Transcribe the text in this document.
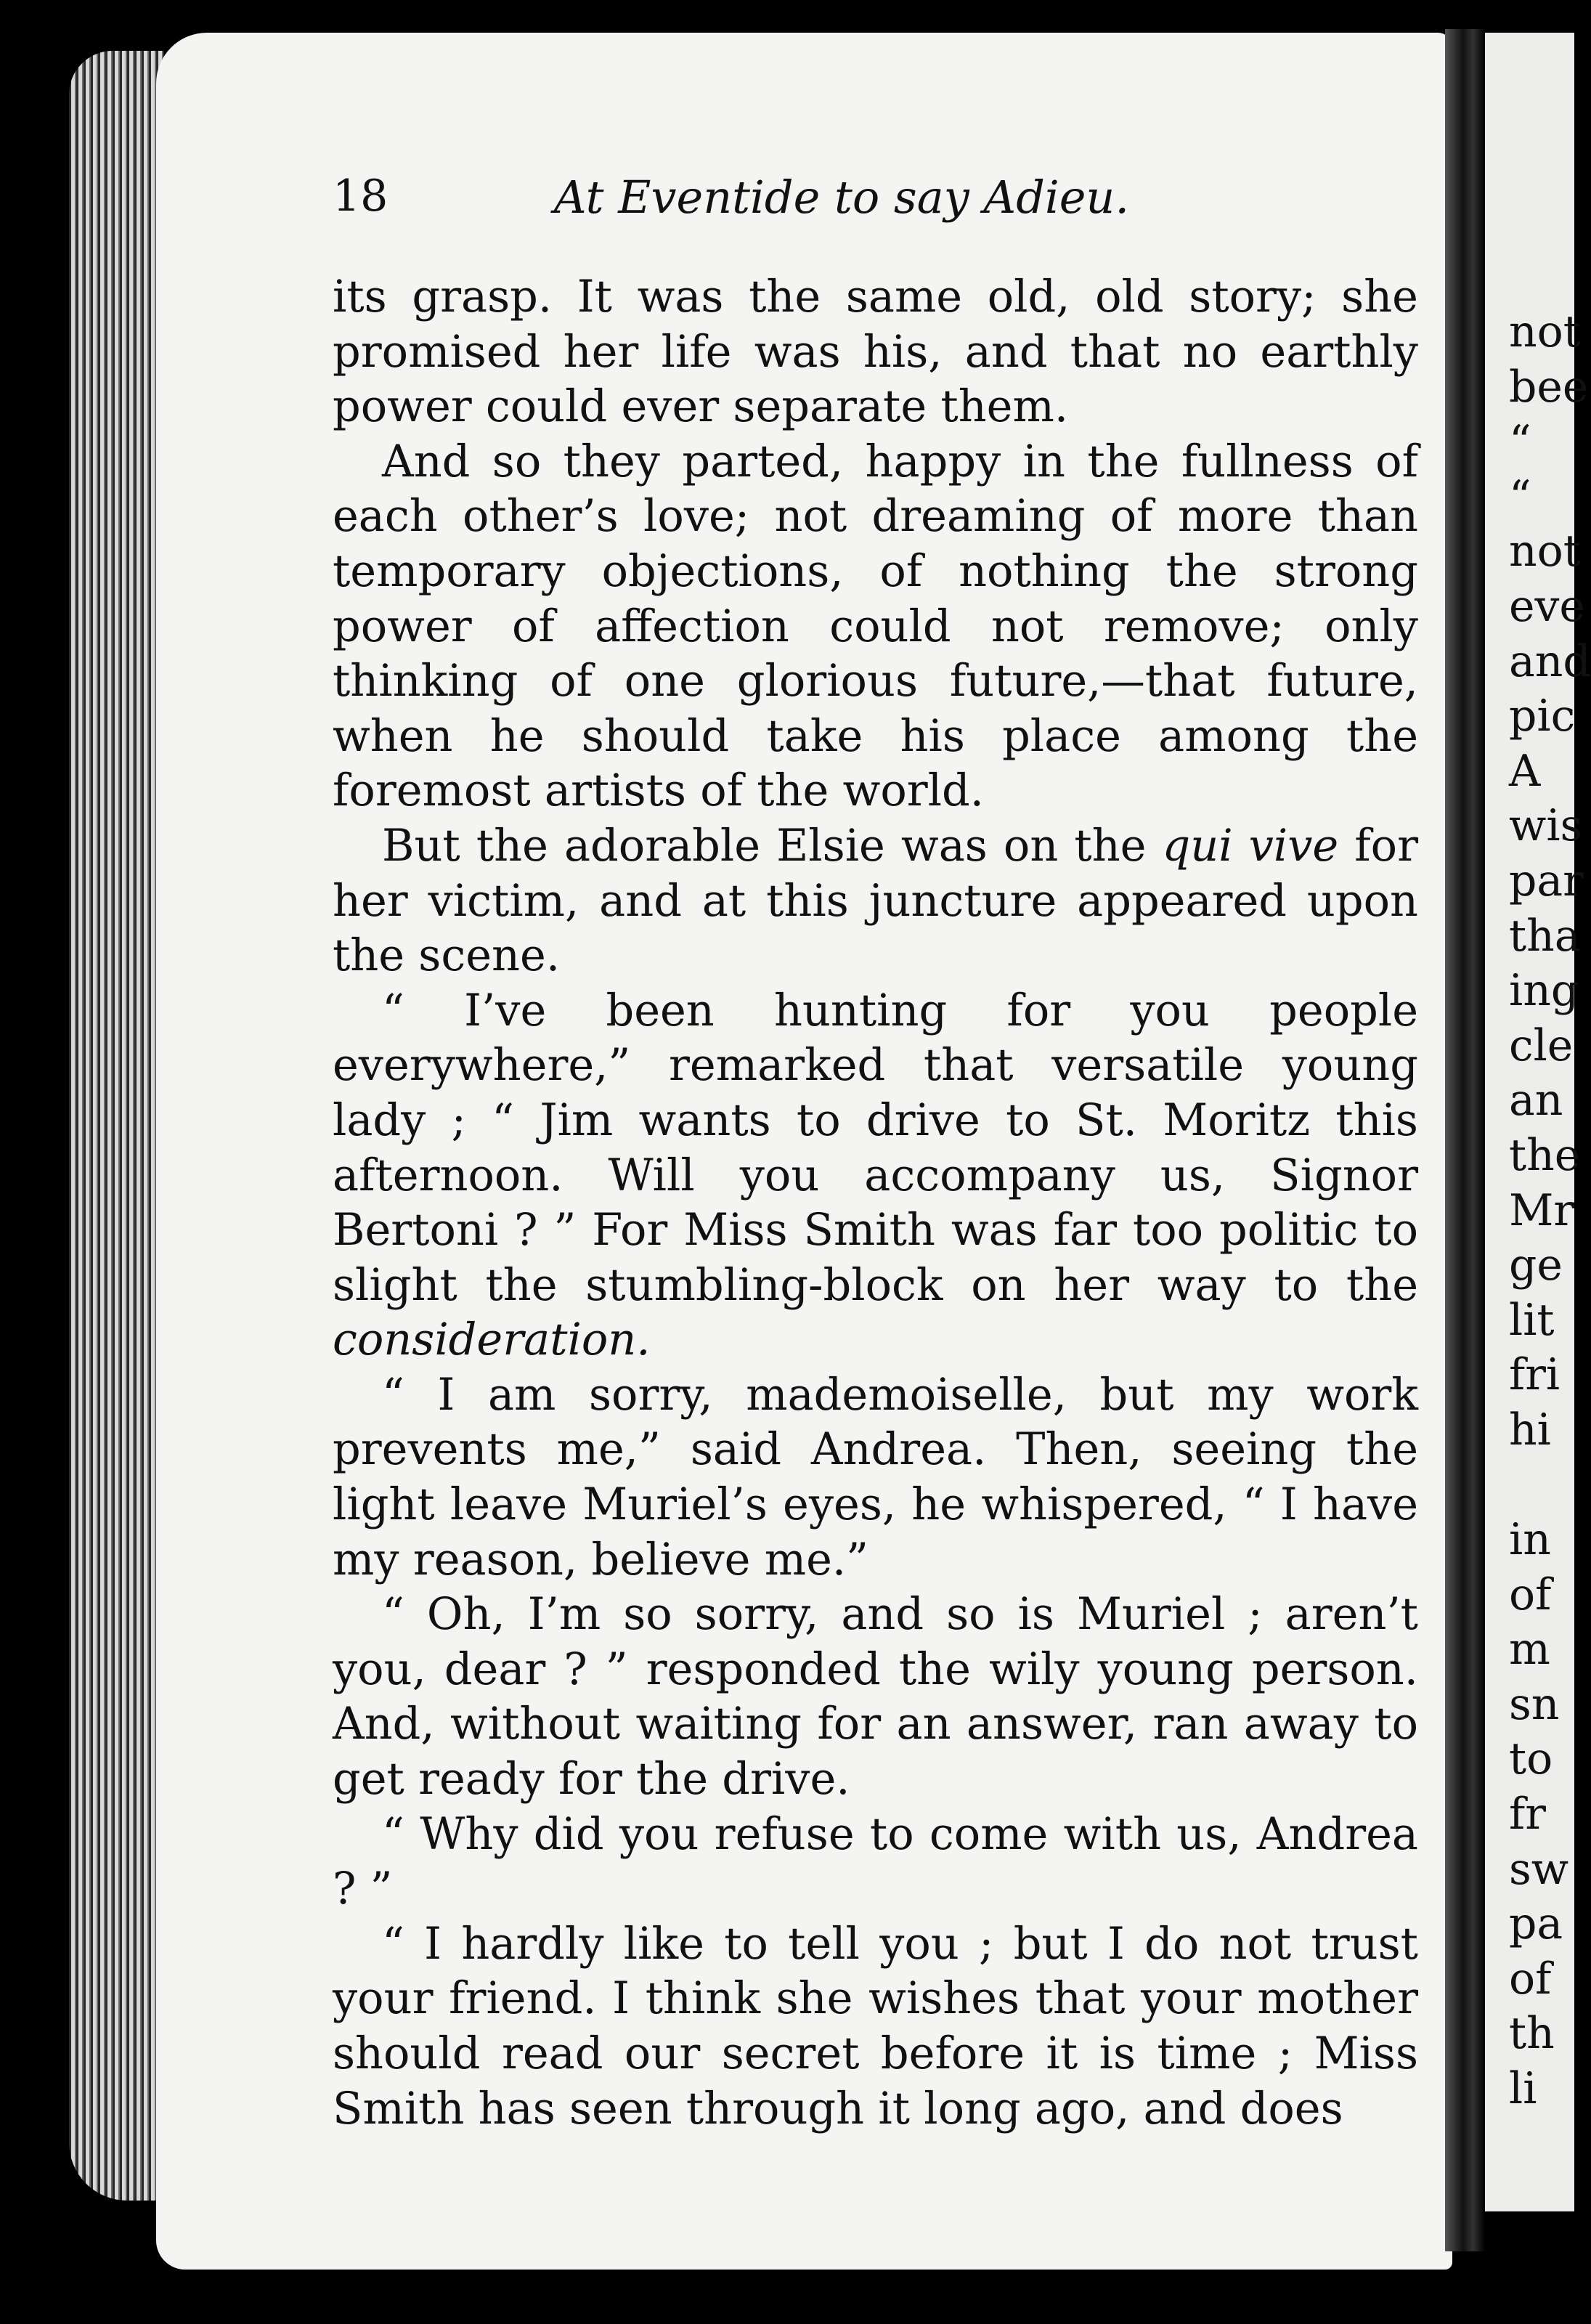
18	At Eventide to say Adieu.

its grasp. It was the same old, old story; she promised her life was his, and that no earthly power could ever separate them.

And so they parted, happy in the fullness of each other’s love; not dreaming of more than temporary objections, of nothing the strong power of affection could not remove; only thinking of one glorious future,—that future, when he should take his place among the foremost artists of the world.

But the adorable Elsie was on the qui vive for her victim, and at this juncture appeared upon the scene.

“ I’ve been hunting for you people everywhere,” remarked that versatile young lady ; “ Jim wants to drive to St. Moritz this afternoon. Will you accompany us, Signor Bertoni ? ” For Miss Smith was far too politic to slight the stumbling-block on her way to the consideration.

“ I am sorry, mademoiselle, but my work prevents me,” said Andrea. Then, seeing the light leave Muriel’s eyes, he whispered, “ I have my reason, believe me.”

“ Oh, I’m so sorry, and so is Muriel ; aren’t you, dear ? ” responded the wily young person. And, without waiting for an answer, ran away to get ready for the drive.

“ Why did you refuse to come with us, Andrea ? ”

“ I hardly like to tell you ; but I do not trust your friend. I think she wishes that your mother should read our secret before it is time ; Miss Smith has seen through it long ago, and does

not
bee
“
“
not
eve
and
pic
A
wis
par
tha
ing
cle
an
the
Mr
ge
lit
fri
hi
in
of
m
sn
to
fr
sw
pa
of
th
li
